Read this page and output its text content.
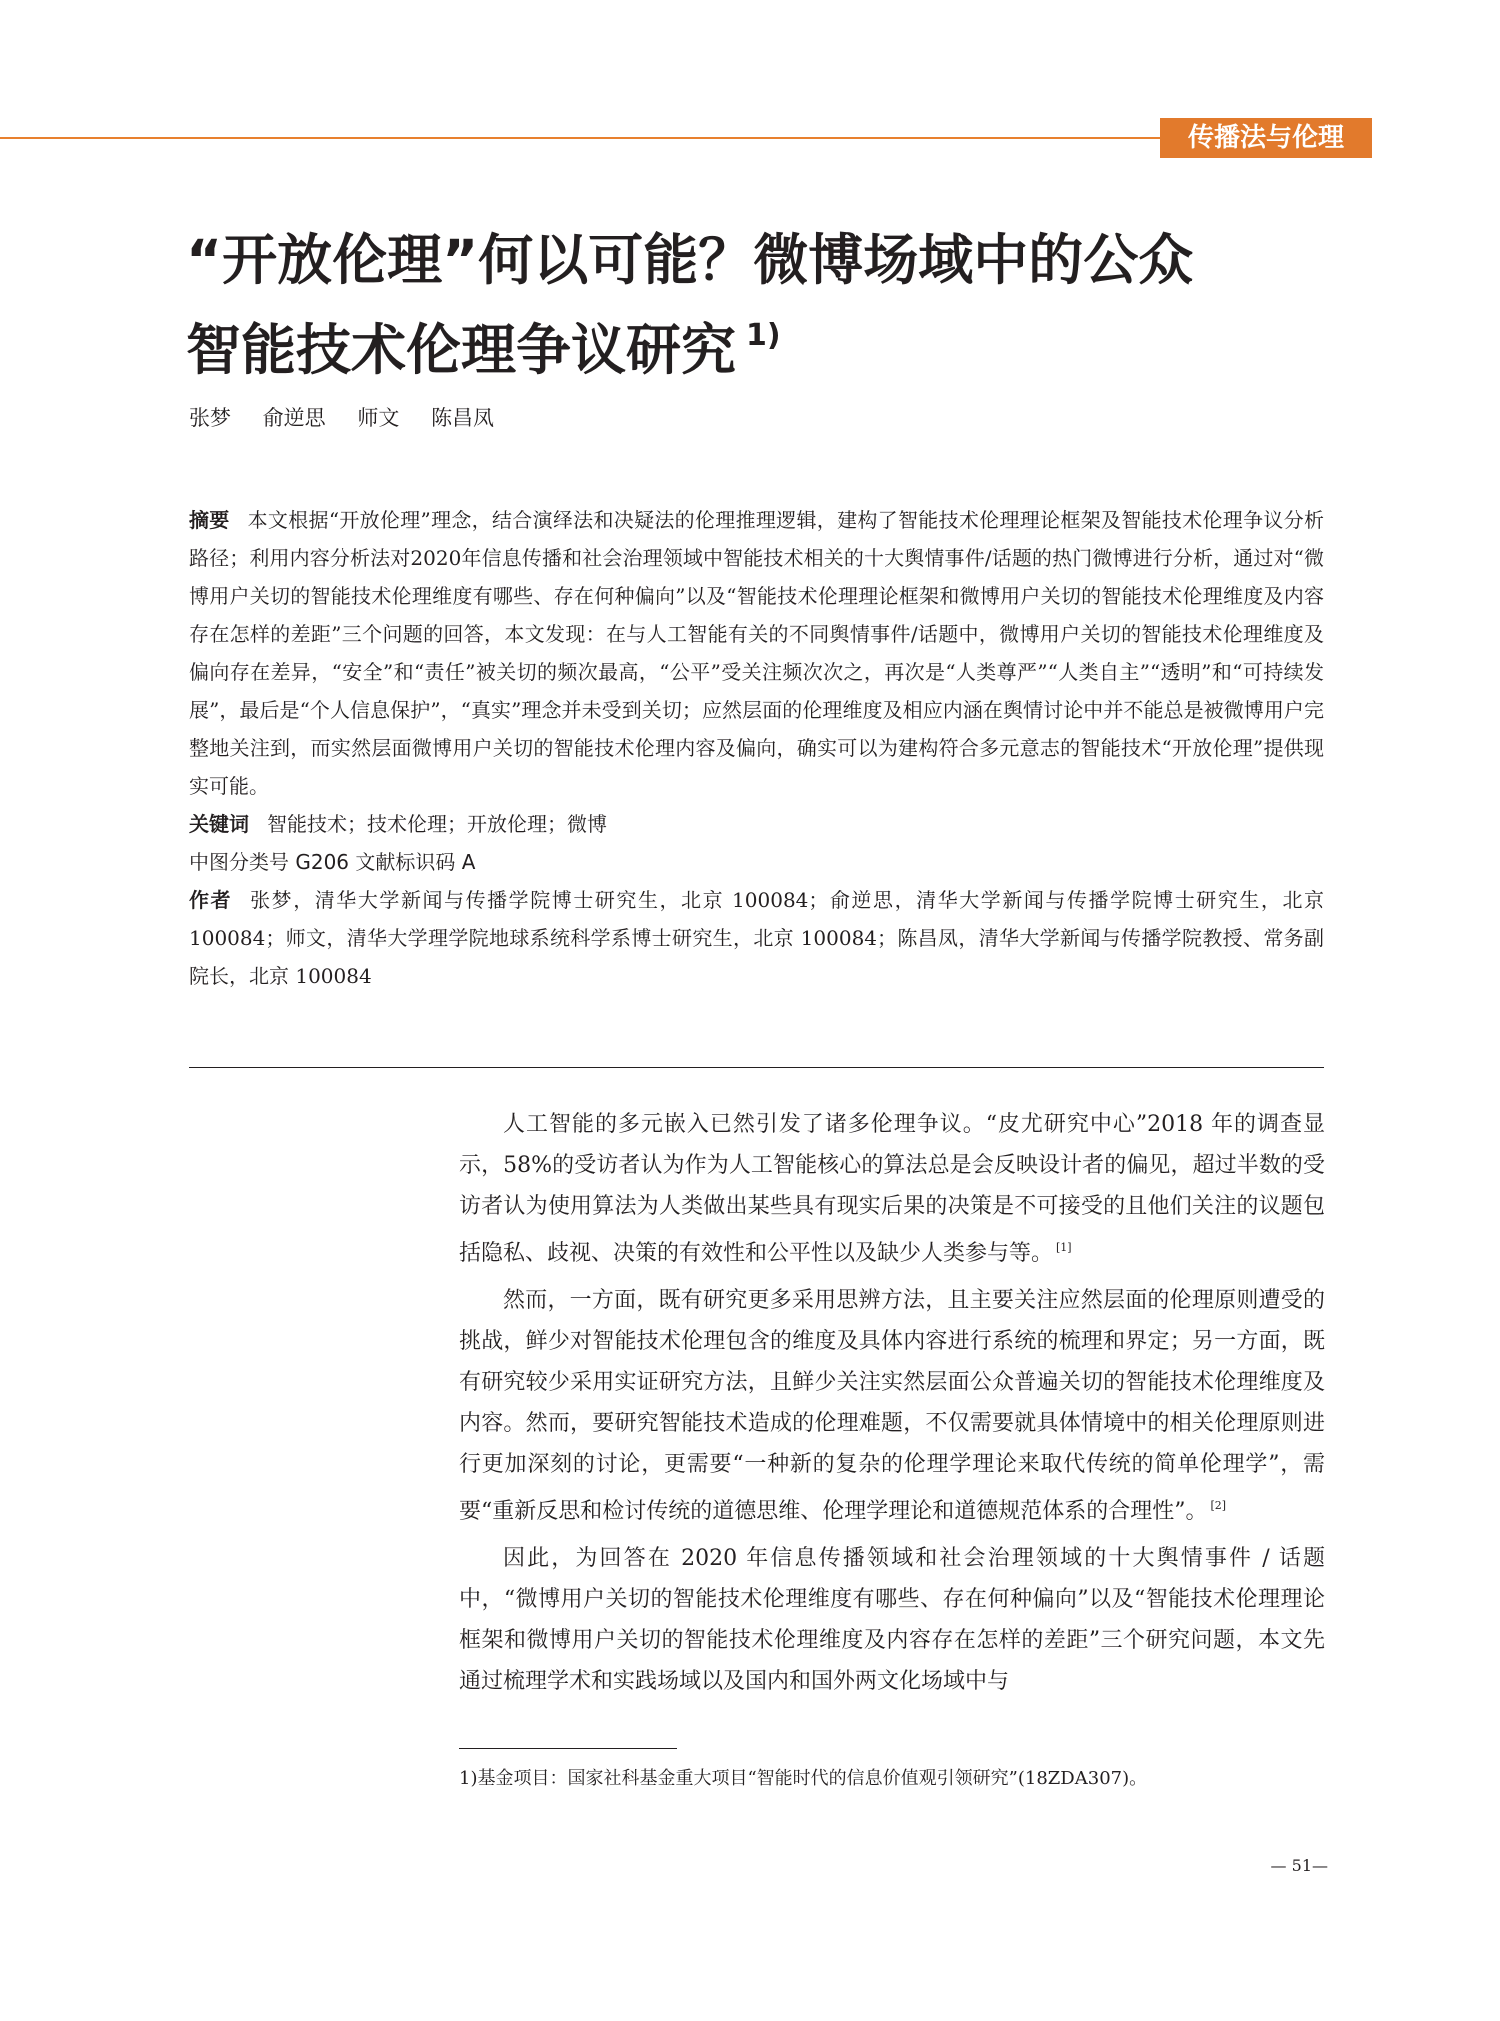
传播法与伦理
“开放伦理”何以可能？微博场域中的公众
智能技术伦理争议研究 $^{1)}$
张梦 俞逆思 师文 陈昌凤

摘要 本文根据“开放伦理”理念，结合演绎法和决疑法的伦理推理逻辑，建构了智能技术伦理理论框架及智能技术伦理争议分析路径；利用内容分析法对2020年信息传播和社会治理领域中智能技术相关的十大舆情事件/话题的热门微博进行分析，通过对“微博用户关切的智能技术伦理维度有哪些、存在何种偏向”以及“智能技术伦理理论框架和微博用户关切的智能技术伦理维度及内容存在怎样的差距”三个问题的回答，本文发现：在与人工智能有关的不同舆情事件/话题中，微博用户关切的智能技术伦理维度及偏向存在差异，“安全”和“责任”被关切的频次最高，“公平”受关注频次次之，再次是“人类尊严”“人类自主”“透明”和“可持续发展”，最后是“个人信息保护”，“真实”理念并未受到关切；应然层面的伦理维度及相应内涵在舆情讨论中并不能总是被微博用户完整地关注到，而实然层面微博用户关切的智能技术伦理内容及偏向，确实可以为建构符合多元意志的智能技术“开放伦理”提供现实可能。

关键词 智能技术；技术伦理；开放伦理；微博

中图分类号 G206 文献标识码 A

作者 张梦，清华大学新闻与传播学院博士研究生，北京 100084；俞逆思，清华大学新闻与传播学院博士研究生，北京 100084；师文，清华大学理学院地球系统科学系博士研究生，北京 100084；陈昌凤，清华大学新闻与传播学院教授、常务副院长，北京 100084

人工智能的多元嵌入已然引发了诸多伦理争议。“皮尤研究中心”2018 年的调查显示，58%的受访者认为作为人工智能核心的算法总是会反映设计者的偏见，超过半数的受访者认为使用算法为人类做出某些具有现实后果的决策是不可接受的且他们关注的议题包括隐私、歧视、决策的有效性和公平性以及缺少人类参与等。 [1]

然而，一方面，既有研究更多采用思辨方法，且主要关注应然层面的伦理原则遭受的挑战，鲜少对智能技术伦理包含的维度及具体内容进行系统的梳理和界定；另一方面，既有研究较少采用实证研究方法，且鲜少关注实然层面公众普遍关切的智能技术伦理维度及内容。然而，要研究智能技术造成的伦理难题，不仅需要就具体情境中的相关伦理原则进行更加深刻的讨论，更需要“一种新的复杂的伦理学理论来取代传统的简单伦理学”，需要“重新反思和检讨传统的道德思维、伦理学理论和道德规范体系的合理性”。 [2]

因此，为回答在 2020 年信息传播领域和社会治理领域的十大舆情事件 / 话题中，“微博用户关切的智能技术伦理维度有哪些、存在何种偏向”以及“智能技术伦理理论框架和微博用户关切的智能技术伦理维度及内容存在怎样的差距”三个研究问题，本文先通过梳理学术和实践场域以及国内和国外两文化场域中与

1)基金项目：国家社科基金重大项目“智能时代的信息价值观引领研究”(18ZDA307)。
— 51—
